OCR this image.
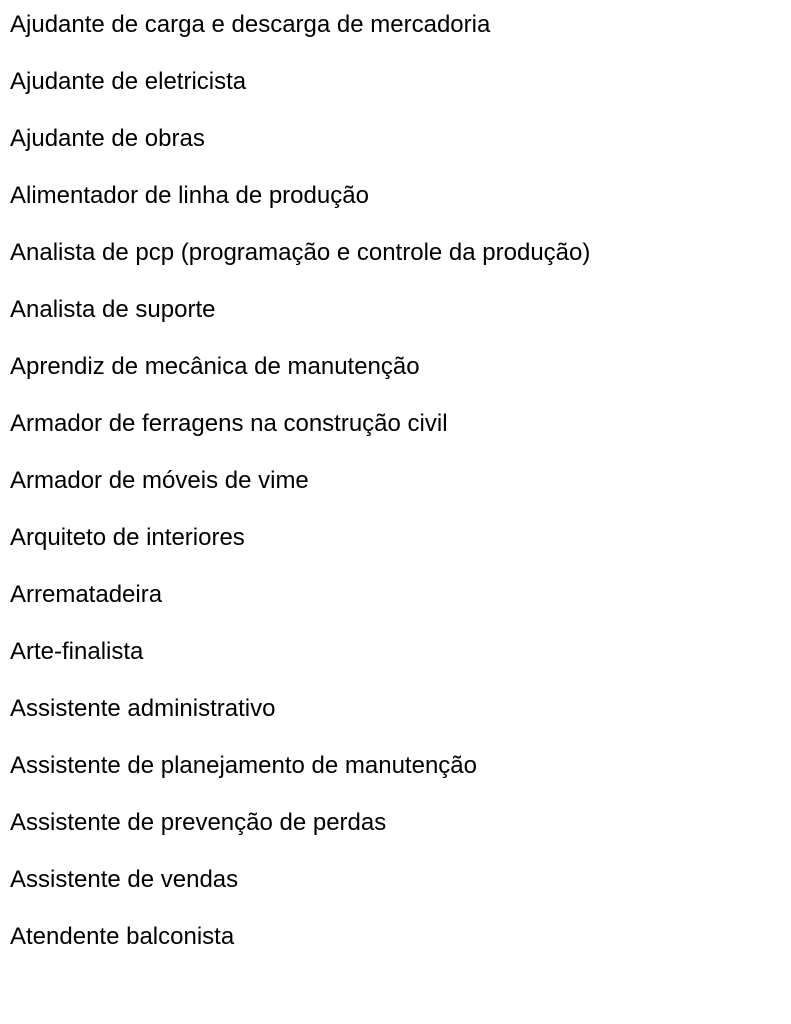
Ajudante de carga e descarga de mercadoria
Ajudante de eletricista
Ajudante de obras
Alimentador de linha de produção
Analista de pcp (programação e controle da produção)
Analista de suporte
Aprendiz de mecânica de manutenção
Armador de ferragens na construção civil
Armador de móveis de vime
Arquiteto de interiores
Arrematadeira
Arte-finalista
Assistente administrativo
Assistente de planejamento de manutenção
Assistente de prevenção de perdas
Assistente de vendas
Atendente balconista
